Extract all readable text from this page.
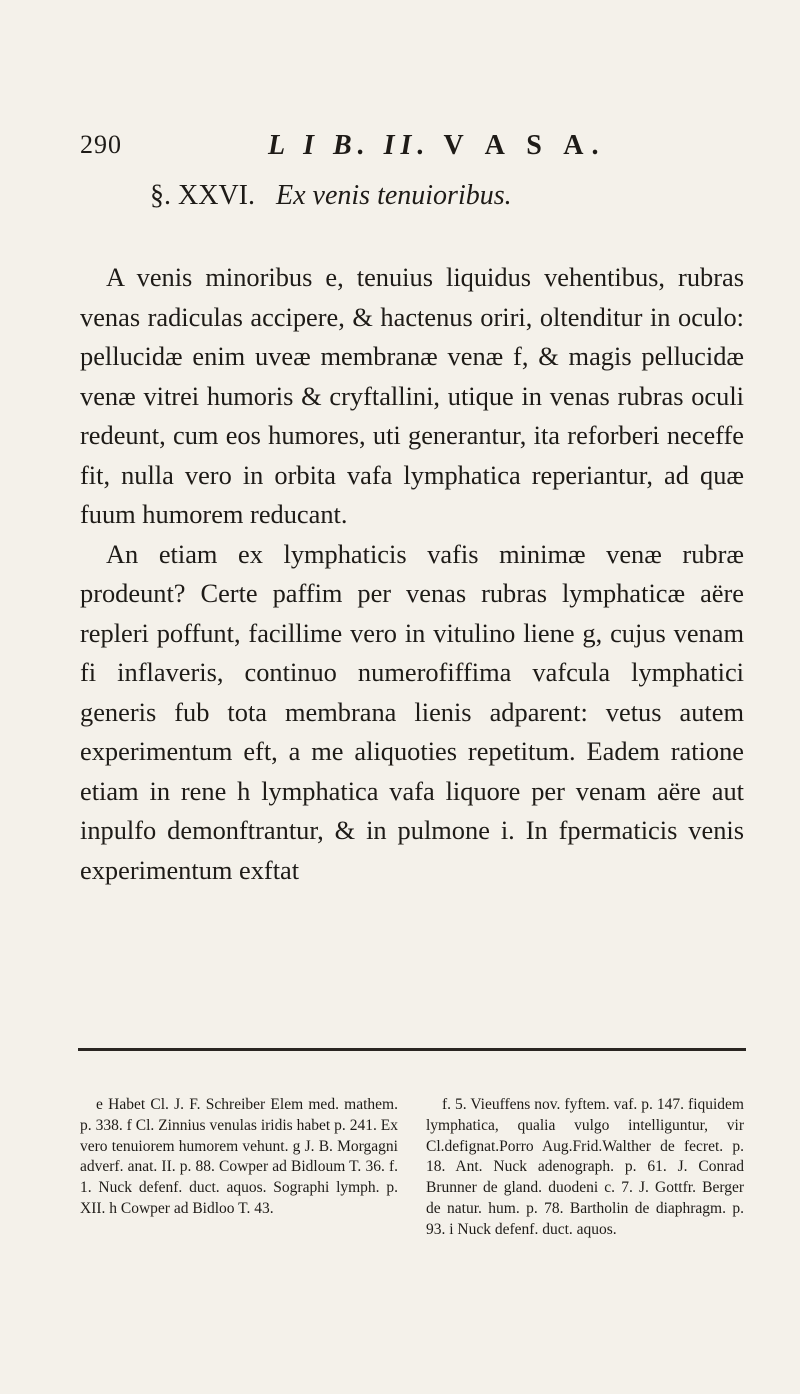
290	L I B. II. V A S A.
§. XXVI. Ex venis tenuioribus.

A venis minoribus e, tenuius liquidus vehentibus, rubras venas radiculas accipere, & hactenus oriri, oltenditur in oculo: pellucidæ enim uveæ membranæ venæ f, & magis pellucidæ venæ vitrei humoris & cryftallini, utique in venas rubras oculi redeunt, cum eos humores, uti generantur, ita reforberi neceffe fit, nulla vero in orbita vafa lymphatica reperiantur, ad quæ fuum humorem reducant.

An etiam ex lymphaticis vafis minimæ venæ rubræ prodeunt? Certe paffim per venas rubras lymphaticæ aëre repleri poffunt, facillime vero in vitulino liene g, cujus venam fi inflaveris, continuo numerofiffima vafcula lymphatici generis fub tota membrana lienis adparent: vetus autem experimentum eft, a me aliquoties repetitum. Eadem ratione etiam in rene h lymphatica vafa liquore per venam aëre aut inpulfo demonftrantur, & in pulmone i. In fpermaticis venis experimentum exftat

e Habet Cl. J. F. Schreiber Elem med. mathem. p. 338. f Cl. Zinnius venulas iridis habet p. 241. Ex vero tenuiorem humorem vehunt. g J. B. Morgagni adverf. anat. II. p. 88. Cowper ad Bidloum T. 36. f. 1. Nuck defenf. duct. aquos. Sographi lymph. p. XII. h Cowper ad Bidloo T. 43.

f. 5. Vieuffens nov. fyftem. vaf. p. 147. fiquidem lymphatica, qualia vulgo intelliguntur, vir Cl.defignat.Porro Aug.Frid.Walther de fecret. p. 18. Ant. Nuck adenograph. p. 61. J. Conrad Brunner de gland. duodeni c. 7. J. Gottfr. Berger de natur. hum. p. 78. Bartholin de diaphragm. p. 93. i Nuck defenf. duct. aquos.
